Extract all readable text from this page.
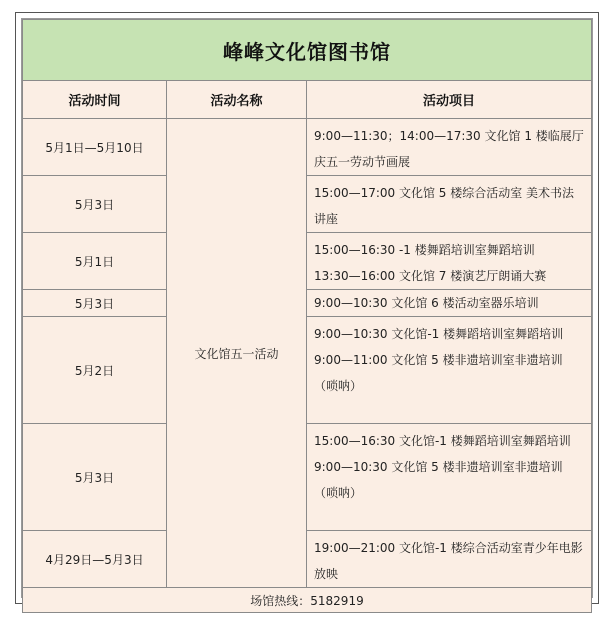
峰峰文化馆图书馆		
活动时间	活动名称	活动项目
5月1日—5月10日	文化馆五一活动	9:00—11:30；14:00—17:30 文化馆 1 楼临展厅 庆五一劳动节画展

5月3日		15:00—17:00 文化馆 5 楼综合活动室 美术书法讲座

5月1日		15:00—16:30 -1 楼舞蹈培训室舞蹈培训
13:30—16:00 文化馆 7 楼演艺厅朗诵大赛

5月3日		9:00—10:30 文化馆 6 楼活动室器乐培训

5月2日		9:00—10:30 文化馆-1 楼舞蹈培训室舞蹈培训
9:00—11:00 文化馆 5 楼非遗培训室非遗培训（唢呐）

5月3日		15:00—16:30 文化馆-1 楼舞蹈培训室舞蹈培训
9:00—10:30 文化馆 5 楼非遗培训室非遗培训（唢呐）

4月29日—5月3日		19:00—21:00 文化馆-1 楼综合活动室青少年电影放映

场馆热线：5182919		
